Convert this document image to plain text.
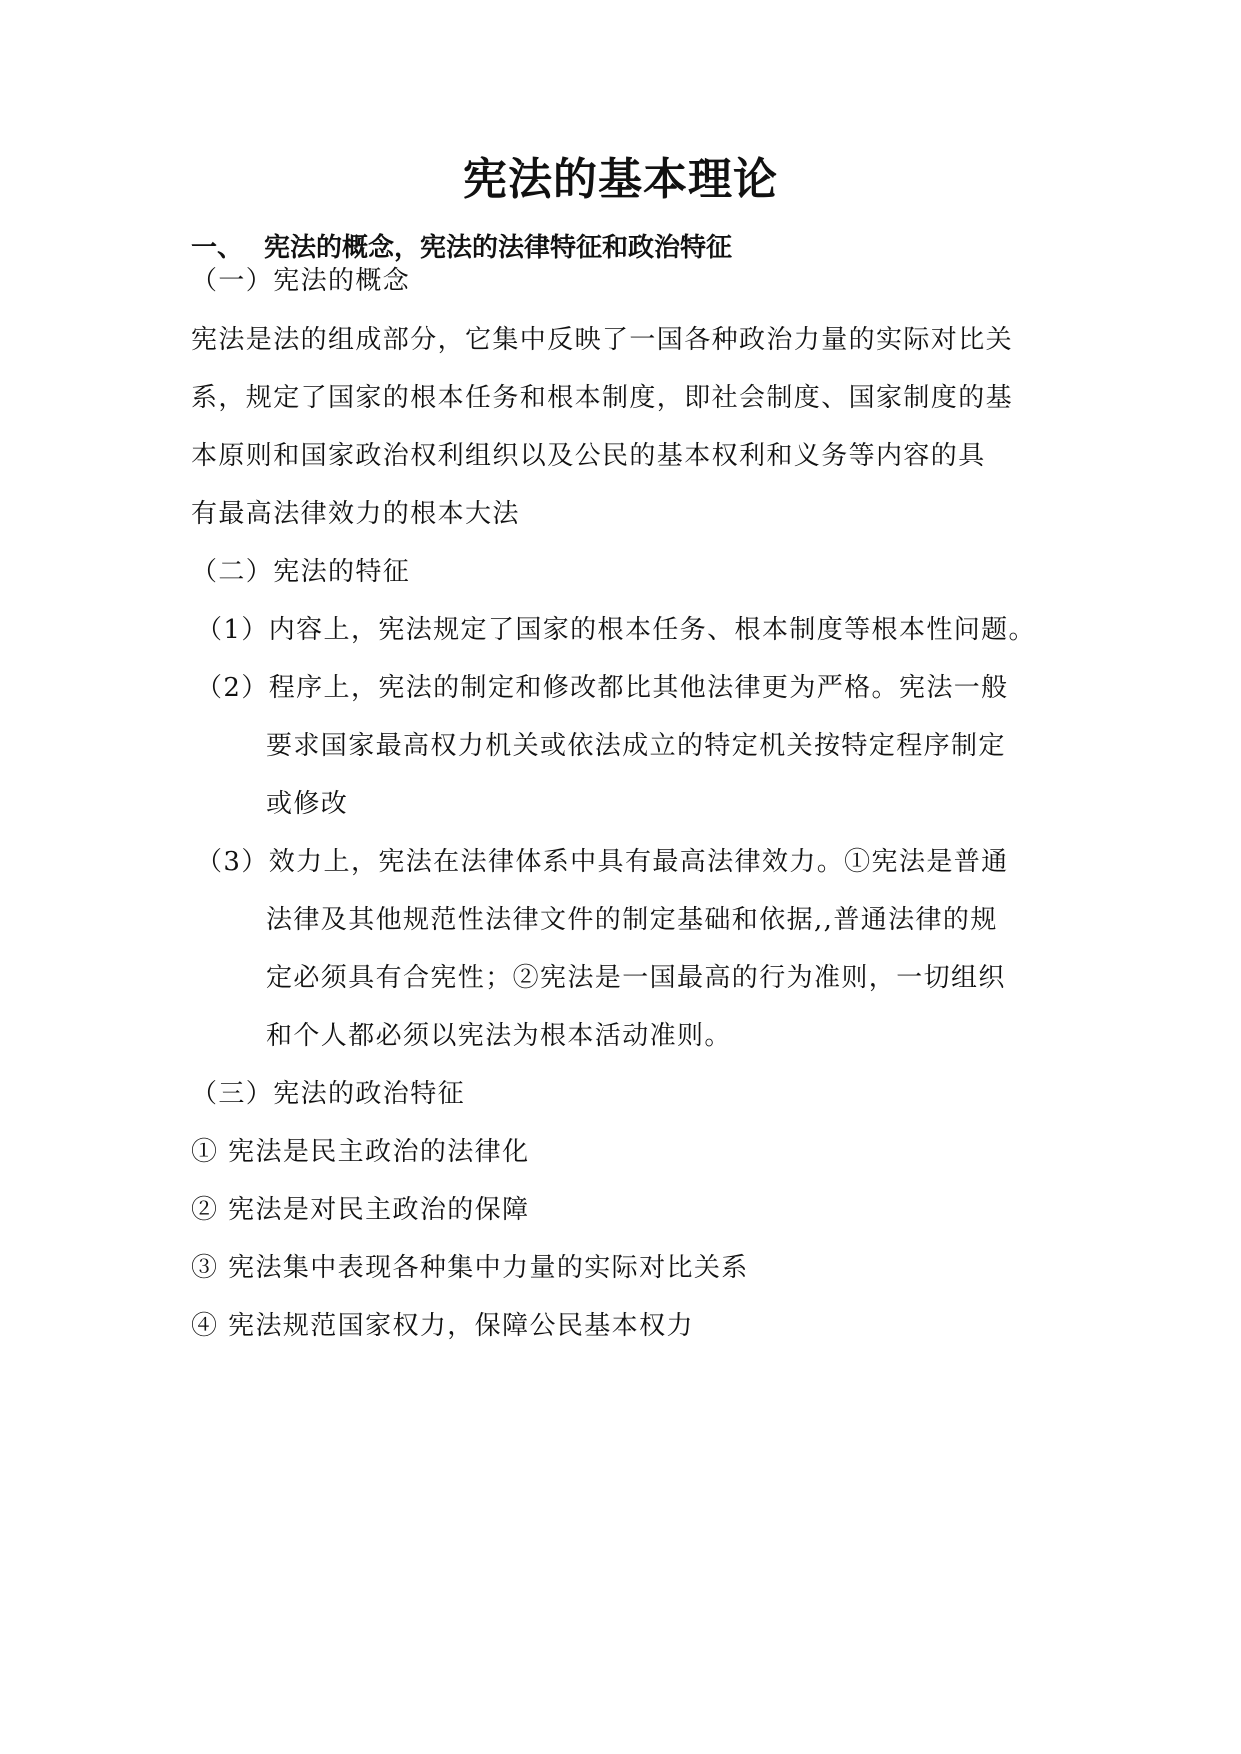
宪法的基本理论
一、 宪法的概念，宪法的法律特征和政治特征
（一）宪法的概念
宪法是法的组成部分，它集中反映了一国各种政治力量的实际对比关
系，规定了国家的根本任务和根本制度，即社会制度、国家制度的基
本原则和国家政治权利组织以及公民的基本权利和义务等内容的具
有最高法律效力的根本大法
（二）宪法的特征
（1）内容上，宪法规定了国家的根本任务、根本制度等根本性问题。
（2）程序上，宪法的制定和修改都比其他法律更为严格。宪法一般
要求国家最高权力机关或依法成立的特定机关按特定程序制定
或修改
（3）效力上，宪法在法律体系中具有最高法律效力。①宪法是普通
法律及其他规范性法律文件的制定基础和依据,,普通法律的规
定必须具有合宪性；②宪法是一国最高的行为准则，一切组织
和个人都必须以宪法为根本活动准则。
（三）宪法的政治特征
① 宪法是民主政治的法律化
② 宪法是对民主政治的保障
③ 宪法集中表现各种集中力量的实际对比关系
④ 宪法规范国家权力，保障公民基本权力
